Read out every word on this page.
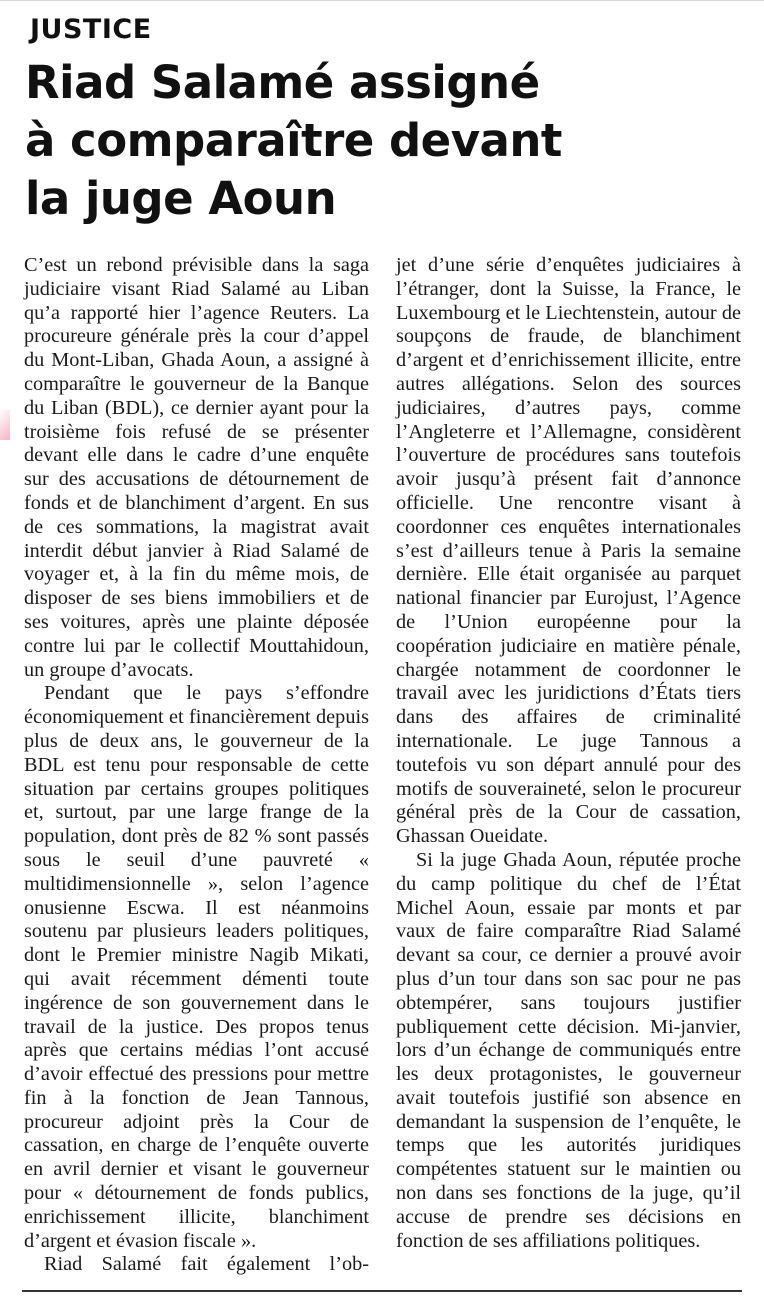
JUSTICE
Riad Salamé assigné
à comparaître devant
la juge Aoun

C’est un rebond prévisible dans la saga judiciaire visant Riad Salamé au Liban qu’a rapporté hier l’agence Reuters. La procureure générale près la cour d’appel du Mont-Liban, Ghada Aoun, a assigné à comparaître le gouverneur de la Banque du Liban (BDL), ce dernier ayant pour la troisième fois refusé de se présenter devant elle dans le cadre d’une enquête sur des accusations de détournement de fonds et de blanchiment d’argent. En sus de ces sommations, la magistrat avait interdit début janvier à Riad Salamé de voyager et, à la fin du même mois, de disposer de ses biens immobiliers et de ses voitures, après une plainte déposée contre lui par le collectif Mouttahidoun, un groupe d’avocats.

Pendant que le pays s’effondre économiquement et financièrement depuis plus de deux ans, le gouverneur de la BDL est tenu pour responsable de cette situation par certains groupes politiques et, surtout, par une large frange de la population, dont près de 82 % sont passés sous le seuil d’une pauvreté « multidimensionnelle », selon l’agence onusienne Escwa. Il est néanmoins soutenu par plusieurs leaders politiques, dont le Premier ministre Nagib Mikati, qui avait récemment démenti toute ingérence de son gouvernement dans le travail de la justice. Des propos tenus après que certains médias l’ont accusé d’avoir effectué des pressions pour mettre fin à la fonction de Jean Tannous, procureur adjoint près la Cour de cassation, en charge de l’enquête ouverte en avril dernier et visant le gouverneur pour « détournement de fonds publics, enrichissement illicite, blanchiment d’argent et évasion fiscale ».

Riad Salamé fait également l’ob-

jet d’une série d’enquêtes judiciaires à l’étranger, dont la Suisse, la France, le Luxembourg et le Liechtenstein, autour de soupçons de fraude, de blanchiment d’argent et d’enrichissement illicite, entre autres allégations. Selon des sources judiciaires, d’autres pays, comme l’Angleterre et l’Allemagne, considèrent l’ouverture de procédures sans toutefois avoir jusqu’à présent fait d’annonce officielle. Une rencontre visant à coordonner ces enquêtes internationales s’est d’ailleurs tenue à Paris la semaine dernière. Elle était organisée au parquet national financier par Eurojust, l’Agence de l’Union européenne pour la coopération judiciaire en matière pénale, chargée notamment de coordonner le travail avec les juridictions d’États tiers dans des affaires de criminalité internationale. Le juge Tannous a toutefois vu son départ annulé pour des motifs de souveraineté, selon le procureur général près de la Cour de cassation, Ghassan Oueidate.

Si la juge Ghada Aoun, réputée proche du camp politique du chef de l’État Michel Aoun, essaie par monts et par vaux de faire comparaître Riad Salamé devant sa cour, ce dernier a prouvé avoir plus d’un tour dans son sac pour ne pas obtempérer, sans toujours justifier publiquement cette décision. Mi-janvier, lors d’un échange de communiqués entre les deux protagonistes, le gouverneur avait toutefois justifié son absence en demandant la suspension de l’enquête, le temps que les autorités juridiques compétentes statuent sur le maintien ou non dans ses fonctions de la juge, qu’il accuse de prendre ses décisions en fonction de ses affiliations politiques.
